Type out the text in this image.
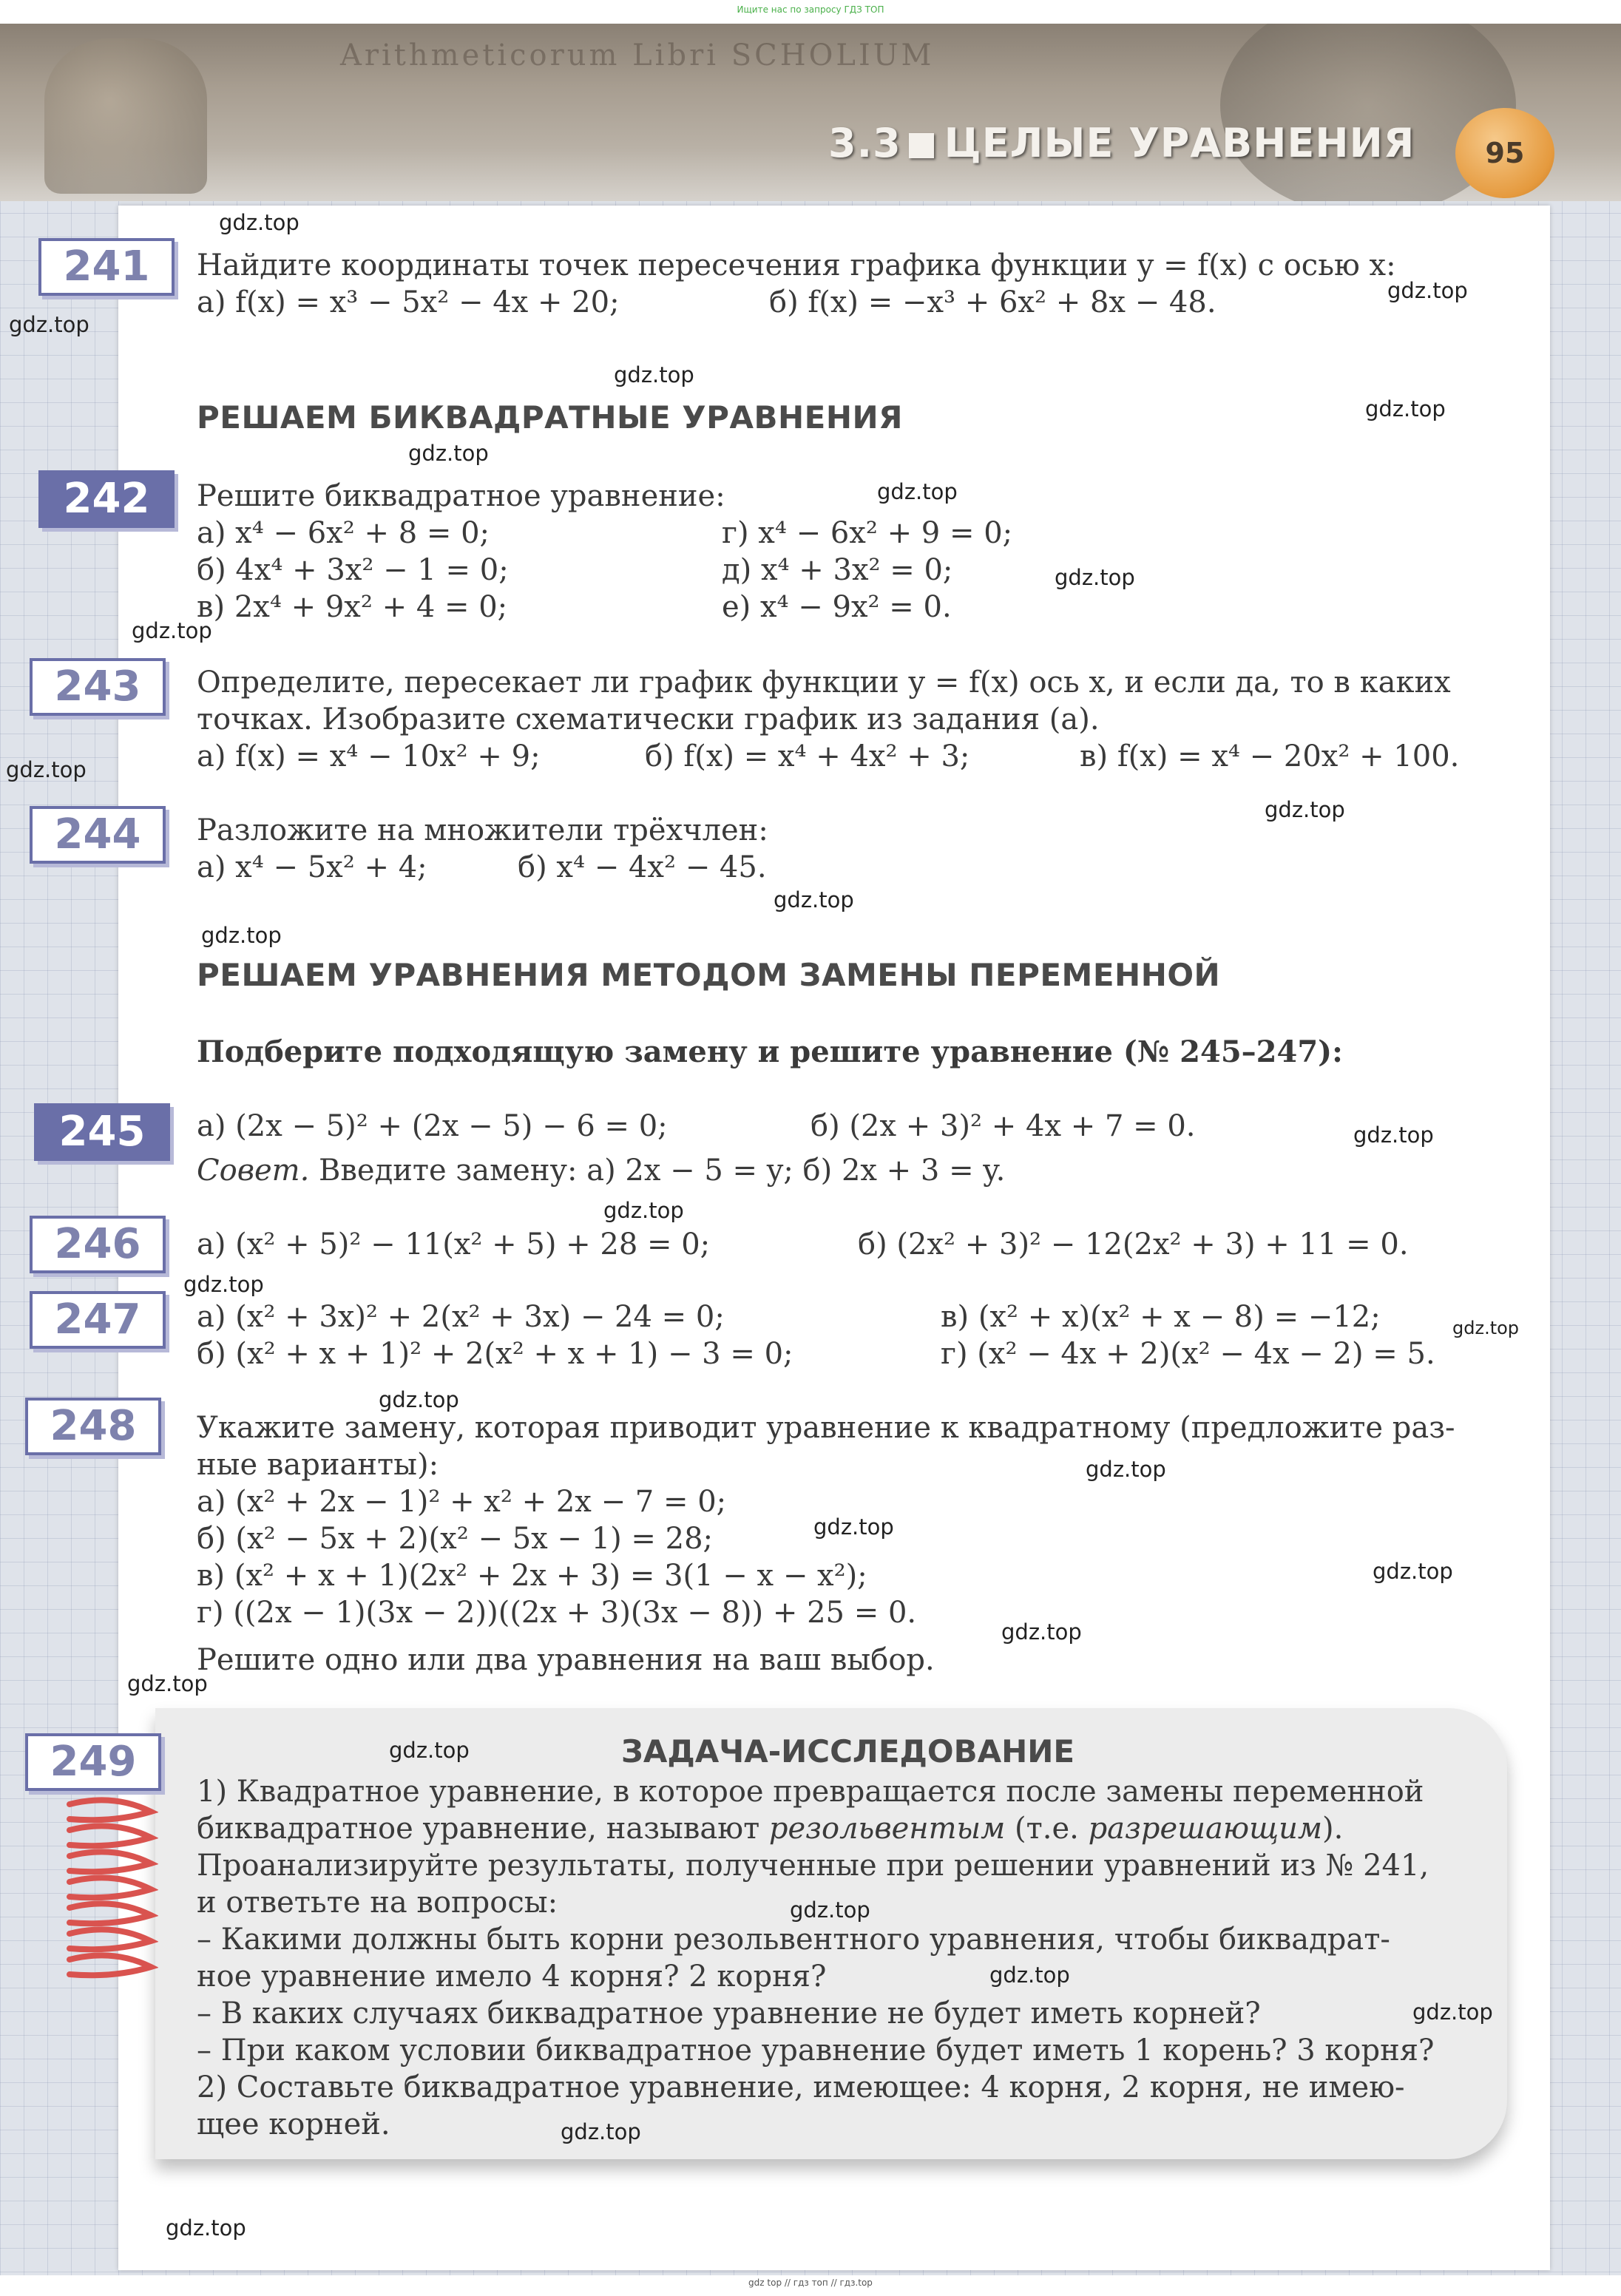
Ищите нас по запросу ГДЗ ТОП
Arithmeticorum Libri SCHOLIUM
3.3 ЦЕЛЫЕ УРАВНЕНИЯ	95
241	Найдите координаты точек пересечения графика функции y = f(x) с осью x:
а) f(x) = x³ − 5x² − 4x + 20;	б) f(x) = −x³ + 6x² + 8x − 48.
РЕШАЕМ БИКВАДРАТНЫЕ УРАВНЕНИЯ
242	Решите биквадратное уравнение:
а) x⁴ − 6x² + 8 = 0;
б) 4x⁴ + 3x² − 1 = 0;
в) 2x⁴ + 9x² + 4 = 0;
г) x⁴ − 6x² + 9 = 0;
д) x⁴ + 3x² = 0;
е) x⁴ − 9x² = 0.
243	Определите, пересекает ли график функции y = f(x) ось x, и если да, то в каких
точках. Изобразите схематически график из задания (а).
а) f(x) = x⁴ − 10x² + 9;	б) f(x) = x⁴ + 4x² + 3;	в) f(x) = x⁴ − 20x² + 100.
244	Разложите на множители трёхчлен:
а) x⁴ − 5x² + 4;	б) x⁴ − 4x² − 45.
РЕШАЕМ УРАВНЕНИЯ МЕТОДОМ ЗАМЕНЫ ПЕРЕМЕННОЙ
Подберите подходящую замену и решите уравнение (№ 245–247):
245	а) (2x − 5)² + (2x − 5) − 6 = 0;	б) (2x + 3)² + 4x + 7 = 0.
Совет. Введите замену: а) 2x − 5 = y; б) 2x + 3 = y.
246	а) (x² + 5)² − 11(x² + 5) + 28 = 0;	б) (2x² + 3)² − 12(2x² + 3) + 11 = 0.
247	а) (x² + 3x)² + 2(x² + 3x) − 24 = 0;
б) (x² + x + 1)² + 2(x² + x + 1) − 3 = 0;
в) (x² + x)(x² + x − 8) = −12;
г) (x² − 4x + 2)(x² − 4x − 2) = 5.
248	Укажите замену, которая приводит уравнение к квадратному (предложите раз-
ные варианты):
а) (x² + 2x − 1)² + x² + 2x − 7 = 0;
б) (x² − 5x + 2)(x² − 5x − 1) = 28;
в) (x² + x + 1)(2x² + 2x + 3) = 3(1 − x − x²);
г) ((2x − 1)(3x − 2))((2x + 3)(3x − 8)) + 25 = 0.
Решите одно или два уравнения на ваш выбор.
249	ЗАДАЧА-ИССЛЕДОВАНИЕ
1) Квадратное уравнение, в которое превращается после замены переменной
биквадратное уравнение, называют резольвентым (т.е. разрешающим).
Проанализируйте результаты, полученные при решении уравнений из № 241,
и ответьте на вопросы:
– Какими должны быть корни резольвентного уравнения, чтобы биквадрат-
ное уравнение имело 4 корня? 2 корня?
– В каких случаях биквадратное уравнение не будет иметь корней?
– При каком условии биквадратное уравнение будет иметь 1 корень? 3 корня?
2) Составьте биквадратное уравнение, имеющее: 4 корня, 2 корня, не имею-
щее корней.
gdz.top
gdz.top
gdz.top
gdz.top
gdz.top
gdz.top
gdz.top
gdz.top
gdz.top
gdz.top
gdz.top
gdz.top
gdz.top
gdz.top
gdz.top
gdz.top
gdz.top
gdz.top
gdz.top
gdz.top
gdz.top
gdz.top
gdz.top
gdz.top
gdz.top
gdz.top
gdz.top
gdz.top
gdz.top
gdz top // гдз топ // гдз.top
